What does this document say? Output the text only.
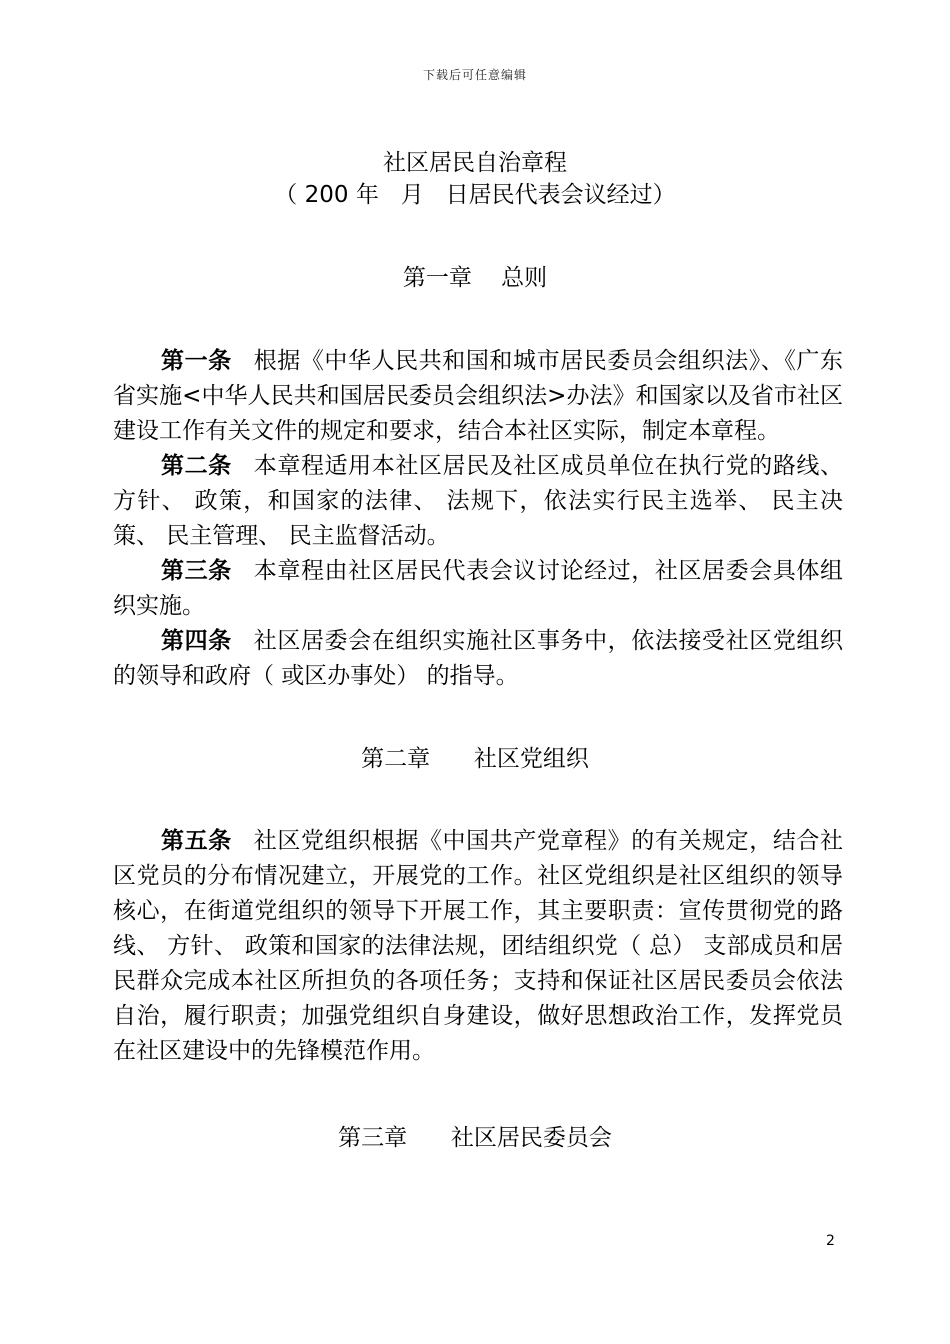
下载后可任意编辑
社区居民自治章程
（ 200 年   月   日居民代表会议经过）
第一章    总则

第一条 根据《中华人民共和国和城市居民委员会组织法》、《广东省实施<中华人民共和国居民委员会组织法>办法》和国家以及省市社区建设工作有关文件的规定和要求，结合本社区实际，制定本章程。

第二条 本章程适用本社区居民及社区成员单位在执行党的路线、方针、 政策，和国家的法律、 法规下，依法实行民主选举、 民主决策、 民主管理、 民主监督活动。

第三条 本章程由社区居民代表会议讨论经过，社区居委会具体组织实施。

第四条 社区居委会在组织实施社区事务中，依法接受社区党组织的领导和政府（ 或区办事处） 的指导。

第二章      社区党组织

第五条 社区党组织根据《中国共产党章程》的有关规定，结合社区党员的分布情况建立，开展党的工作。社区党组织是社区组织的领导核心，在街道党组织的领导下开展工作，其主要职责：宣传贯彻党的路线、 方针、 政策和国家的法律法规，团结组织党（ 总） 支部成员和居民群众完成本社区所担负的各项任务；支持和保证社区居民委员会依法自治，履行职责；加强党组织自身建设，做好思想政治工作，发挥党员在社区建设中的先锋模范作用。

第三章      社区居民委员会
2
